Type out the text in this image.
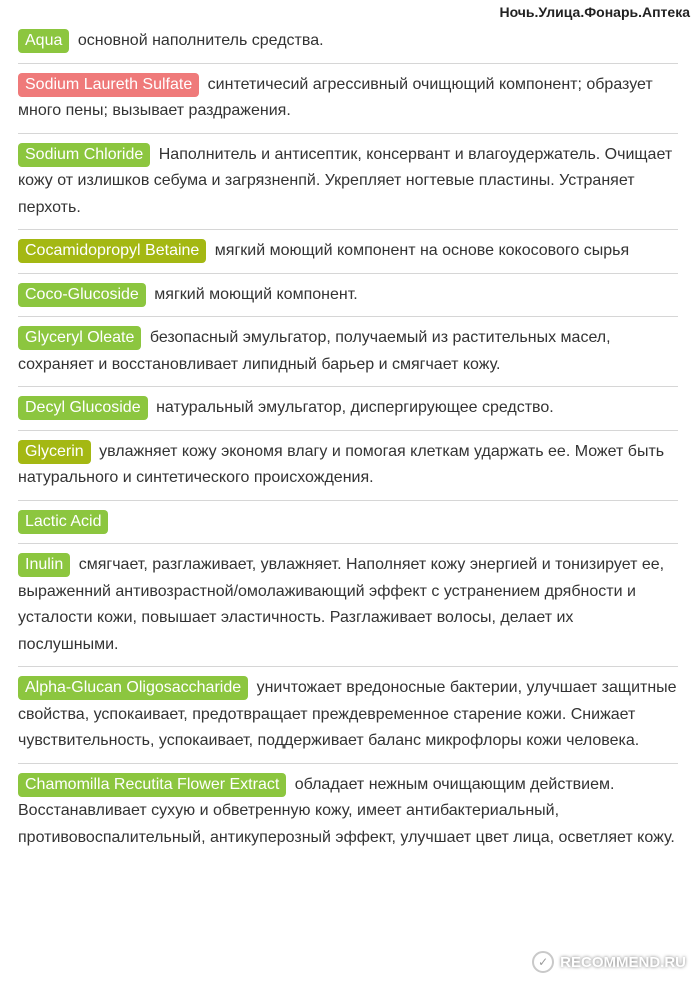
Ночь.Улица.Фонарь.Аптека
Aqua основной наполнитель средства.
Sodium Laureth Sulfate синтетичесий агрессивный очищющий компонент; образует много пены; вызывает раздражения.
Sodium Chloride Наполнитель и антисептик, консервант и влагоудержатель. Очищает кожу от излишков себума и загрязненпй. Укрепляет ногтевые пластины. Устраняет перхоть.
Cocamidopropyl Betaine мягкий моющий компонент на основе кокосового сырья
Coco-Glucoside мягкий моющий компонент.
Glyceryl Oleate безопасный эмульгатор, получаемый из растительных масел, сохраняет и восстановливает липидный барьер и смягчает кожу.
Decyl Glucoside натуральный эмульгатор, диспергирующее средство.
Glycerin увлажняет кожу экономя влагу и помогая клеткам ударжать ее. Может быть натурального и синтетического происхождения.
Lactic Acid
Inulin смягчает, разглаживает, увлажняет. Наполняет кожу энергией и тонизирует ее, выраженний антивозрастной/омолаживающий эффект с устранением дрябности и усталости кожи, повышает эластичность. Разглаживает волосы, делает их послушными.
Alpha-Glucan Oligosaccharide уничтожает вредоносные бактерии, улучшает защитные свойства, успокаивает, предотвращает преждевременное старение кожи. Снижает чувствительность, успокаивает, поддерживает баланс микрофлоры кожи человека.
Chamomilla Recutita Flower Extract обладает нежным очищающим действием. Восстанавливает сухую и обветренную кожу, имеет антибактериальный, противовоспалительный, антикуперозный эффект, улучшает цвет лица, осветляет кожу.
✓ RECOMMEND.RU
